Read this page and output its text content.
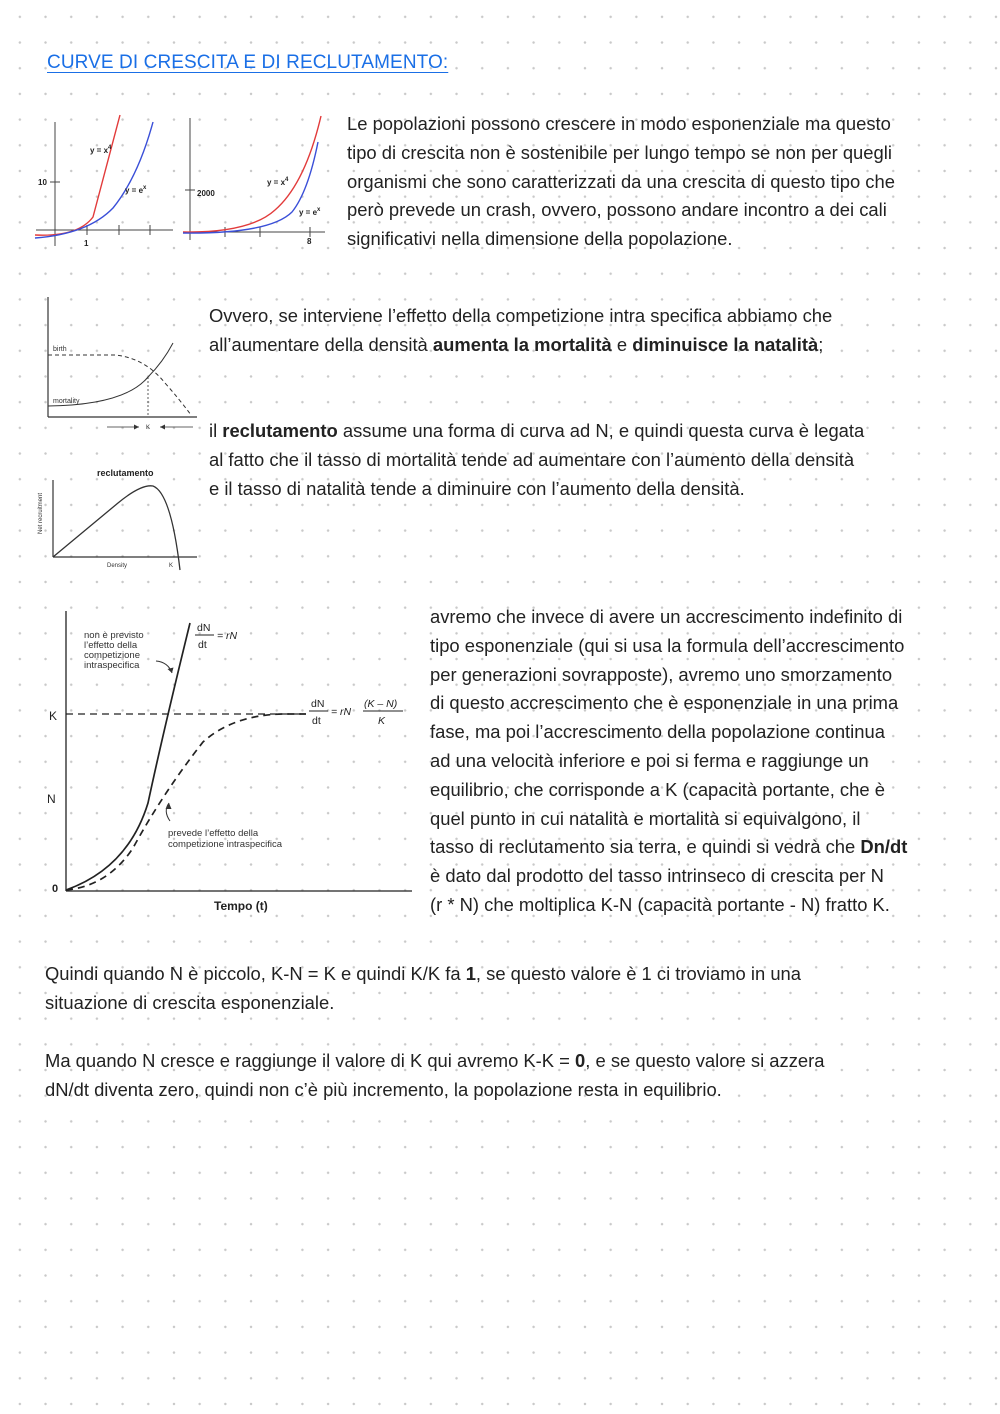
CURVE DI CRESCITA E DI RECLUTAMENTO:
$y = x^4$
$y = e^x$
10
1
$y = x^4$
$y = e^x$
2000
8

Le popolazioni possono crescere in modo esponenziale ma questo
tipo di crescita non è sostenibile per lungo tempo se non per quegli
organismi che sono caratterizzati da una crescita di questo tipo che
però prevede un crash, ovvero, possono andare incontro a dei cali
significativi nella dimensione della popolazione.

birth
mortality
K

Ovvero, se interviene l’effetto della competizione intra specifica abbiamo che
all’aumentare della densità aumenta la mortalità e diminuisce la natalità;

reclutamento
Net recruitment
Density	K

il reclutamento assume una forma di curva ad N, e quindi questa curva è legata
al fatto che il tasso di mortalità tende ad aumentare con l’aumento della densità
e il tasso di natalità tende a diminuire con l’aumento della densità.

K
N
0
Tempo (t)
non è previsto
l’effetto della
competizione
intraspecifica
dN
dt
= rN
dN
dt
= rN
(K – N)
K
prevede l’effetto della
competizione intraspecifica

avremo che invece di avere un accrescimento indefinito di
tipo esponenziale (qui si usa la formula dell’accrescimento
per generazioni sovrapposte), avremo uno smorzamento
di questo accrescimento che è esponenziale in una prima
fase, ma poi l’accrescimento della popolazione continua
ad una velocità inferiore e poi si ferma e raggiunge un
equilibrio, che corrisponde a K (capacità portante, che è
quel punto in cui natalità e mortalità si equivalgono, il
tasso di reclutamento sia terra, e quindi si vedrà che Dn/dt
è dato dal prodotto del tasso intrinseco di crescita per N
(r * N) che moltiplica K-N (capacità portante - N) fratto K.

Quindi quando N è piccolo, K-N = K e quindi K/K fa 1, se questo valore è 1 ci troviamo in una
situazione di crescita esponenziale.

Ma quando N cresce e raggiunge il valore di K qui avremo K-K = 0, e se questo valore si azzera
dN/dt diventa zero, quindi non c’è più incremento, la popolazione resta in equilibrio.
